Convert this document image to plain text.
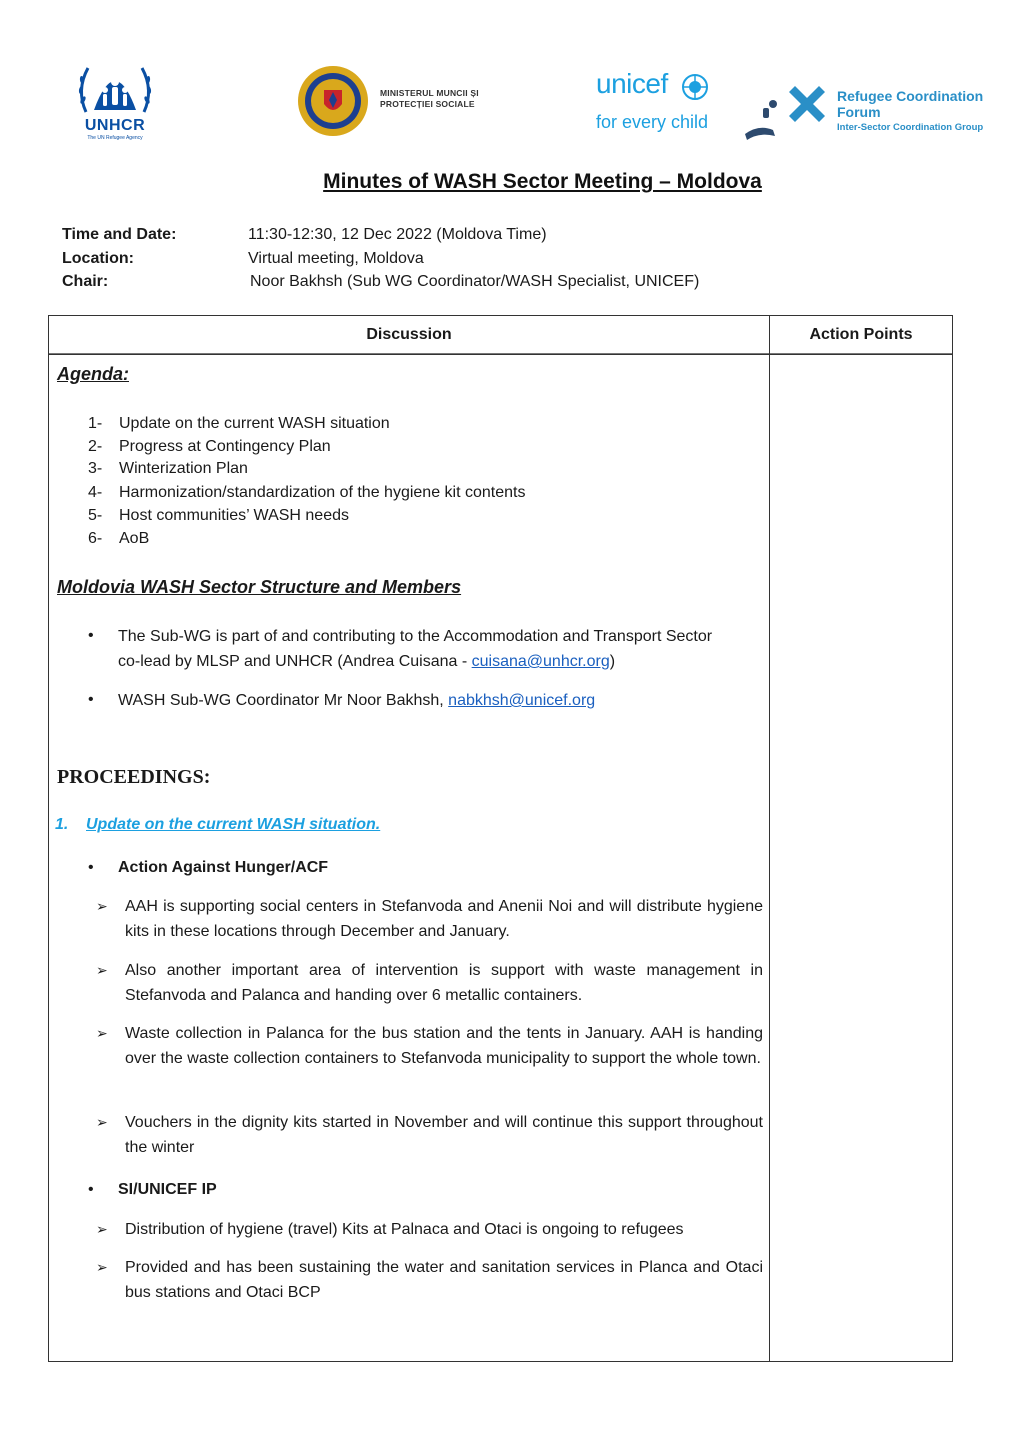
UNHCR
The UN Refugee Agency
MINISTERUL MUNCII ȘI
PROTECȚIEI SOCIALE
unicef
for every child
Refugee Coordination
Forum
Inter-Sector Coordination Group
Minutes of WASH Sector Meeting – Moldova
Time and Date:	11:30-12:30, 12 Dec 2022 (Moldova Time)
Location:	Virtual meeting, Moldova
Chair:	Noor Bakhsh (Sub WG Coordinator/WASH Specialist, UNICEF)
Discussion	Action Points
Agenda:
1- Update on the current WASH situation
2- Progress at Contingency Plan
3- Winterization Plan
4- Harmonization/standardization of the hygiene kit contents
5- Host communities’ WASH needs
6- AoB
Moldovia WASH Sector Structure and Members
• The Sub-WG is part of and contributing to the Accommodation and Transport Sector
co-lead by MLSP and UNHCR (Andrea Cuisana - cuisana@unhcr.org)
• WASH Sub-WG Coordinator Mr Noor Bakhsh, nabkhsh@unicef.org
PROCEEDINGS:
1. Update on the current WASH situation.
• Action Against Hunger/ACF
➢ AAH is supporting social centers in Stefanvoda and Anenii Noi and will distribute hygiene kits in these locations through December and January.
➢ Also another important area of intervention is support with waste management in Stefanvoda and Palanca and handing over 6 metallic containers.
➢ Waste collection in Palanca for the bus station and the tents in January. AAH is handing over the waste collection containers to Stefanvoda municipality to support the whole town.
➢ Vouchers in the dignity kits started in November and will continue this support throughout the winter
• SI/UNICEF IP
➢ Distribution of hygiene (travel) Kits at Palnaca and Otaci is ongoing to refugees
➢ Provided and has been sustaining the water and sanitation services in Planca and Otaci bus stations and Otaci BCP
